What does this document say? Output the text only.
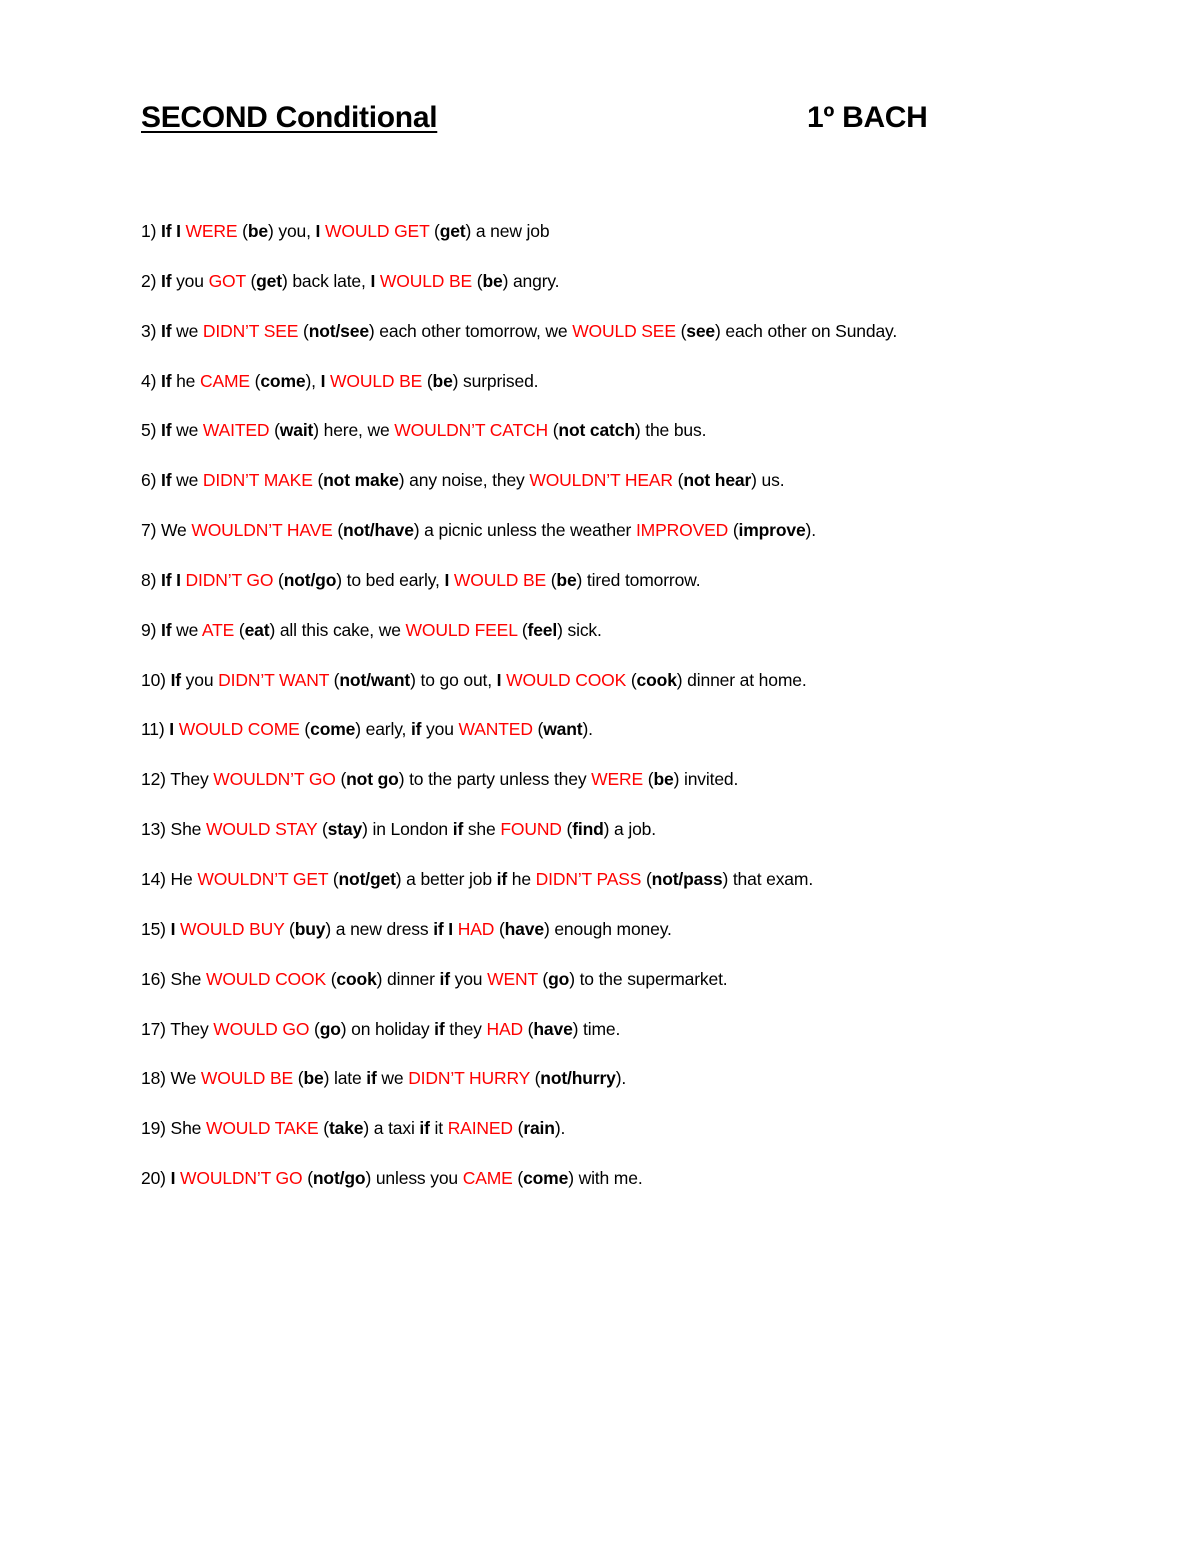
SECOND Conditional	1º BACH
1) If I WERE (be) you, I WOULD GET (get) a new job
2) If you GOT (get) back late, I WOULD BE (be) angry.
3) If we DIDN’T SEE (not/see) each other tomorrow, we WOULD SEE (see) each other on Sunday.
4) If he CAME (come), I WOULD BE (be) surprised.
5) If we WAITED (wait) here, we WOULDN’T CATCH (not catch) the bus.
6) If we DIDN’T MAKE (not make) any noise, they WOULDN’T HEAR (not hear) us.
7) We WOULDN’T HAVE (not/have) a picnic unless the weather IMPROVED (improve).
8) If I DIDN’T GO (not/go) to bed early, I WOULD BE (be) tired tomorrow.
9) If we ATE (eat) all this cake, we WOULD FEEL (feel) sick.
10) If you DIDN’T WANT (not/want) to go out, I WOULD COOK (cook) dinner at home.
11) I WOULD COME (come) early, if you WANTED (want).
12) They WOULDN’T GO (not go) to the party unless they WERE (be) invited.
13) She WOULD STAY (stay) in London if she FOUND (find) a job.
14) He WOULDN’T GET (not/get) a better job if he DIDN’T PASS (not/pass) that exam.
15) I WOULD BUY (buy) a new dress if I HAD (have) enough money.
16) She WOULD COOK (cook) dinner if you WENT (go) to the supermarket.
17) They WOULD GO (go) on holiday if they HAD (have) time.
18) We WOULD BE (be) late if we DIDN’T HURRY (not/hurry).
19) She WOULD TAKE (take) a taxi if it RAINED (rain).
20) I WOULDN’T GO (not/go) unless you CAME (come) with me.
